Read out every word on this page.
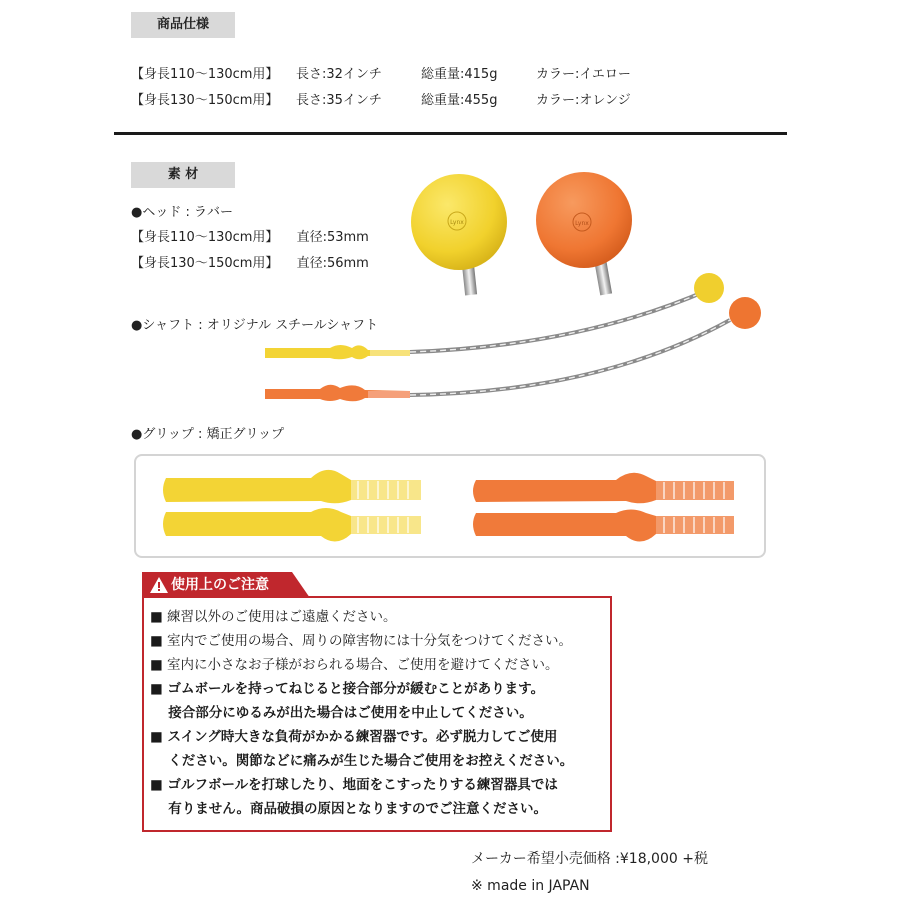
商品仕様
【身長110～130cm用】 長さ:32インチ	総重量:415g	カラー:イエロー
【身長130～150cm用】 長さ:35インチ	総重量:455g	カラー:オレンジ
素 材
●ヘッド : ラバー
【身長110～130cm用】 直径:53mm
【身長130～150cm用】 直径:56mm
Lynx	Lynx
●シャフト : オリジナル スチールシャフト
●グリップ : 矯正グリップ
使用上のご注意
■ 練習以外のご使用はご遠慮ください。
■ 室内でご使用の場合、周りの障害物には十分気をつけてください。
■ 室内に小さなお子様がおられる場合、ご使用を避けてください。
■ ゴムボールを持ってねじると接合部分が緩むことがあります。
　 接合部分にゆるみが出た場合はご使用を中止してください。
■ スイング時大きな負荷がかかる練習器です。必ず脱力してご使用
　 ください。関節などに痛みが生じた場合ご使用をお控えください。
■ ゴルフボールを打球したり、地面をこすったりする練習器具では
　 有りません。商品破損の原因となりますのでご注意ください。
メーカー希望小売価格 :¥18,000 +税
※ made in JAPAN
